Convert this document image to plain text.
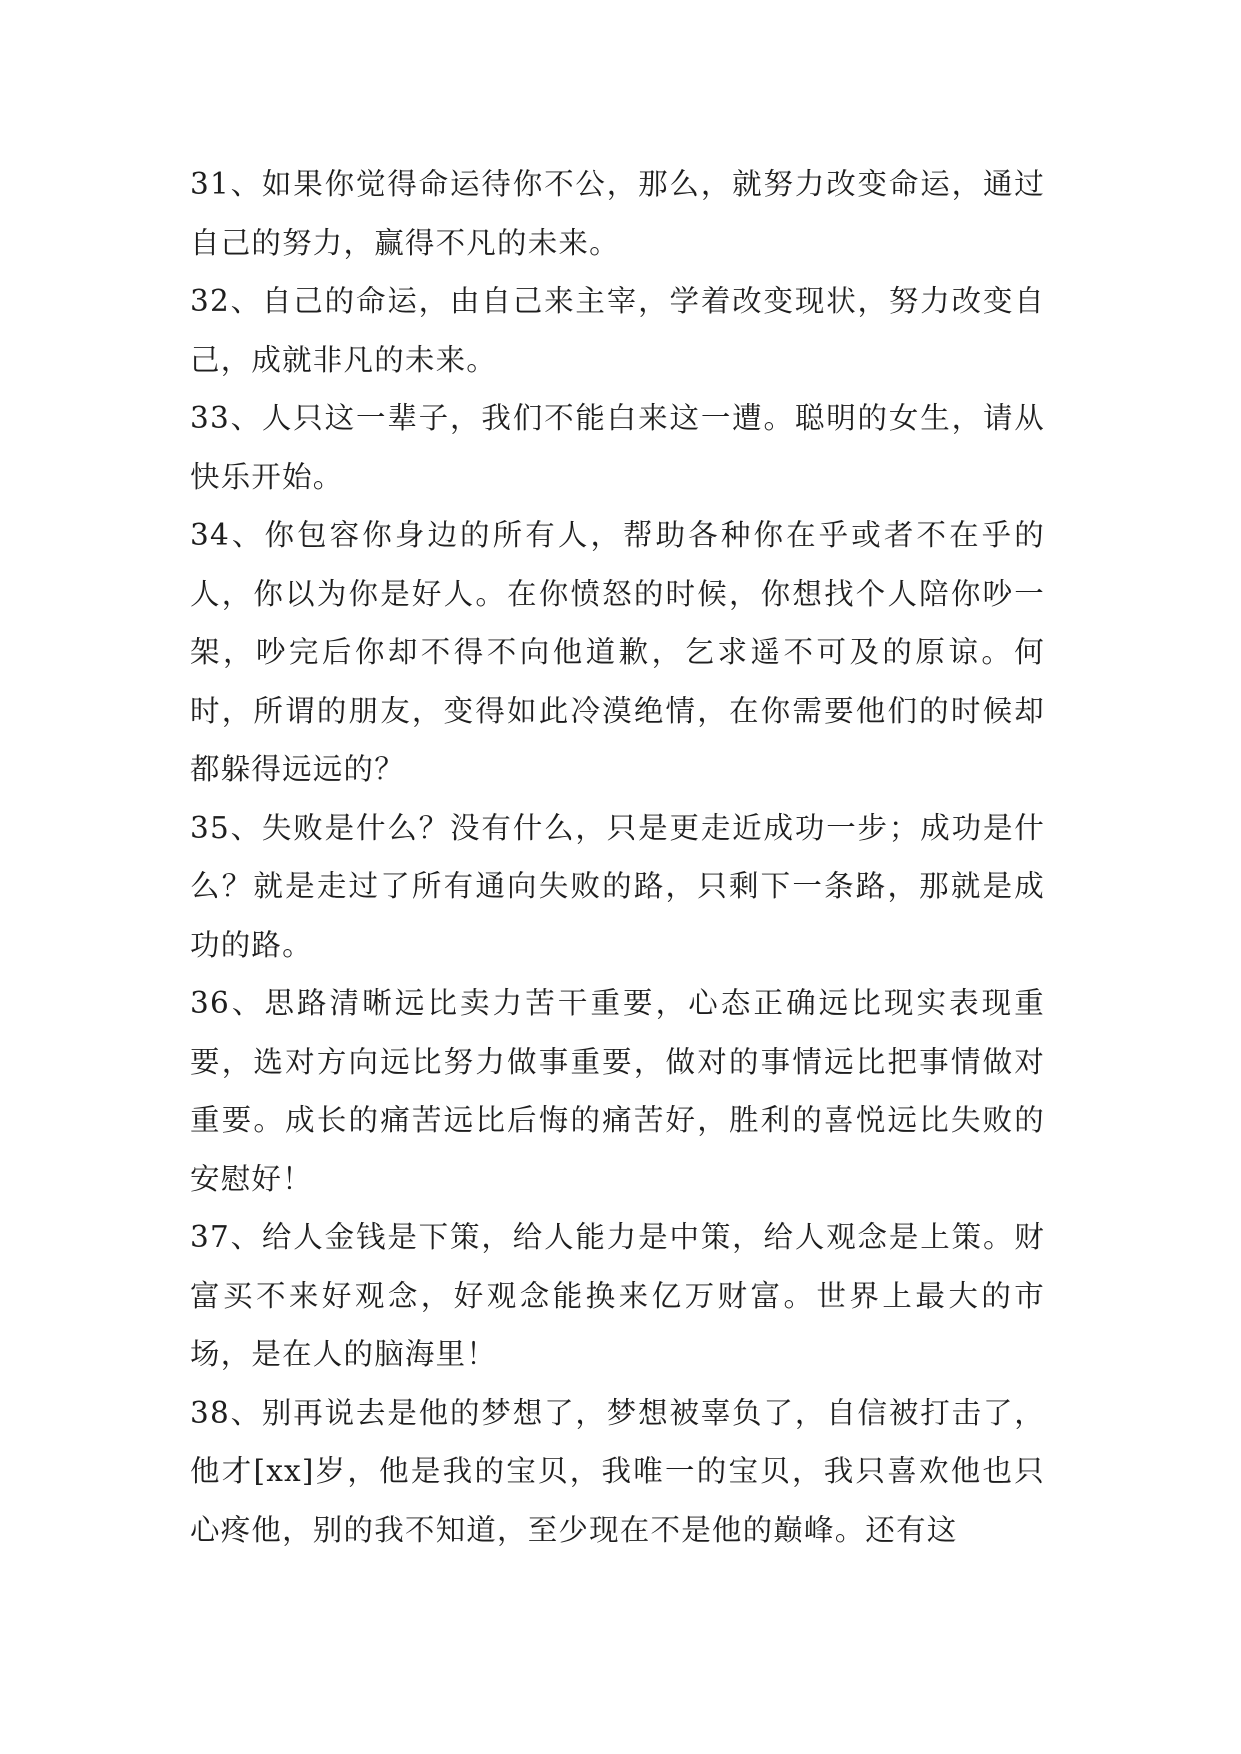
31、如果你觉得命运待你不公，那么，就努力改变命运，通过自己的努力，赢得不凡的未来。

32、自己的命运，由自己来主宰，学着改变现状，努力改变自己，成就非凡的未来。

33、人只这一辈子，我们不能白来这一遭。聪明的女生，请从快乐开始。

34、你包容你身边的所有人，帮助各种你在乎或者不在乎的人，你以为你是好人。在你愤怒的时候，你想找个人陪你吵一架，吵完后你却不得不向他道歉，乞求遥不可及的原谅。何时，所谓的朋友，变得如此冷漠绝情，在你需要他们的时候却都躲得远远的？

35、失败是什么？没有什么，只是更走近成功一步；成功是什么？就是走过了所有通向失败的路，只剩下一条路，那就是成功的路。

36、思路清晰远比卖力苦干重要，心态正确远比现实表现重要，选对方向远比努力做事重要，做对的事情远比把事情做对重要。成长的痛苦远比后悔的痛苦好，胜利的喜悦远比失败的安慰好！

37、给人金钱是下策，给人能力是中策，给人观念是上策。财富买不来好观念，好观念能换来亿万财富。世界上最大的市场，是在人的脑海里！

38、别再说去是他的梦想了，梦想被辜负了，自信被打击了，他才[xx]岁，他是我的宝贝，我唯一的宝贝，我只喜欢他也只心疼他，别的我不知道，至少现在不是他的巅峰。还有这
